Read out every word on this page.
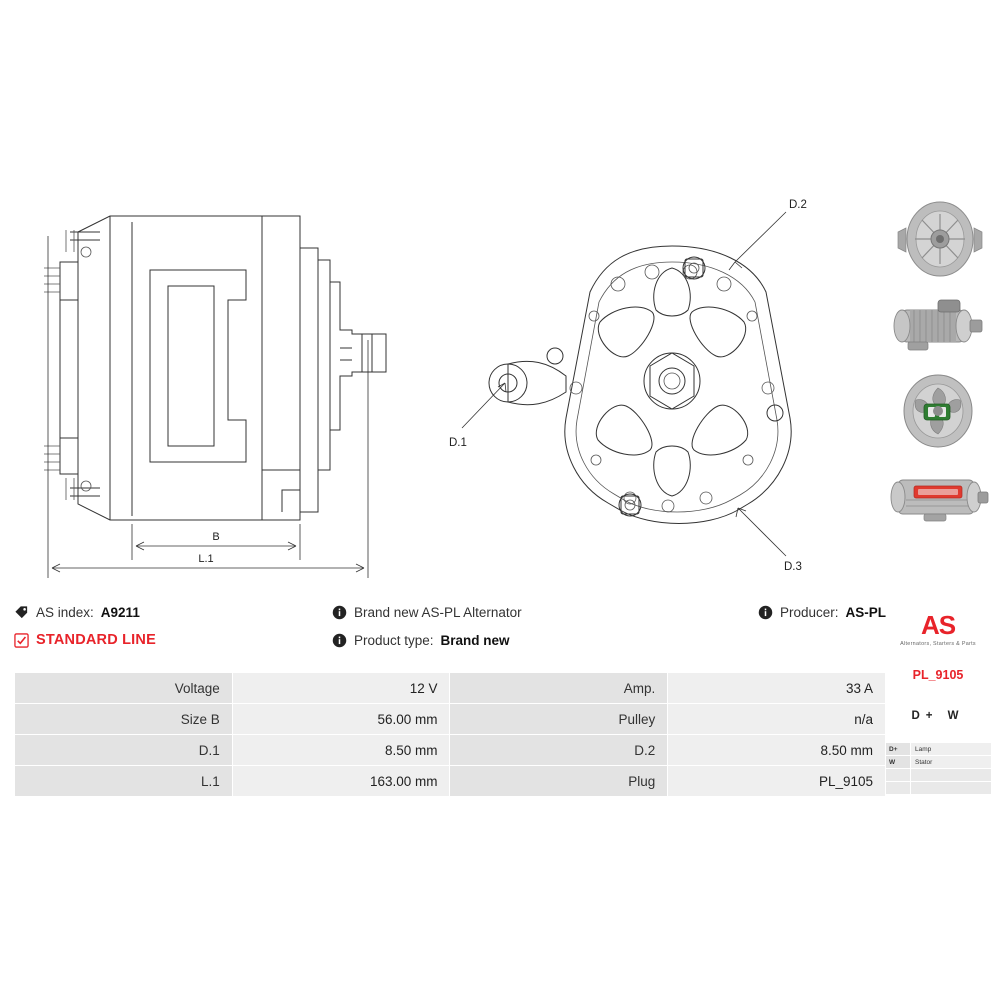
B
L.1
D.2
D.1
D.3
AS
Alternators, Starters & Parts
PL_9105
D+ W
D+	Lamp
W	Stator

AS index: A9211
STANDARD LINE
Brand new AS-PL Alternator
Product type: Brand new
Producer: AS-PL
Voltage	12 V	Amp.	33 A
Size B	56.00 mm	Pulley	n/a
D.1	8.50 mm	D.2	8.50 mm
L.1	163.00 mm	Plug	PL_9105
